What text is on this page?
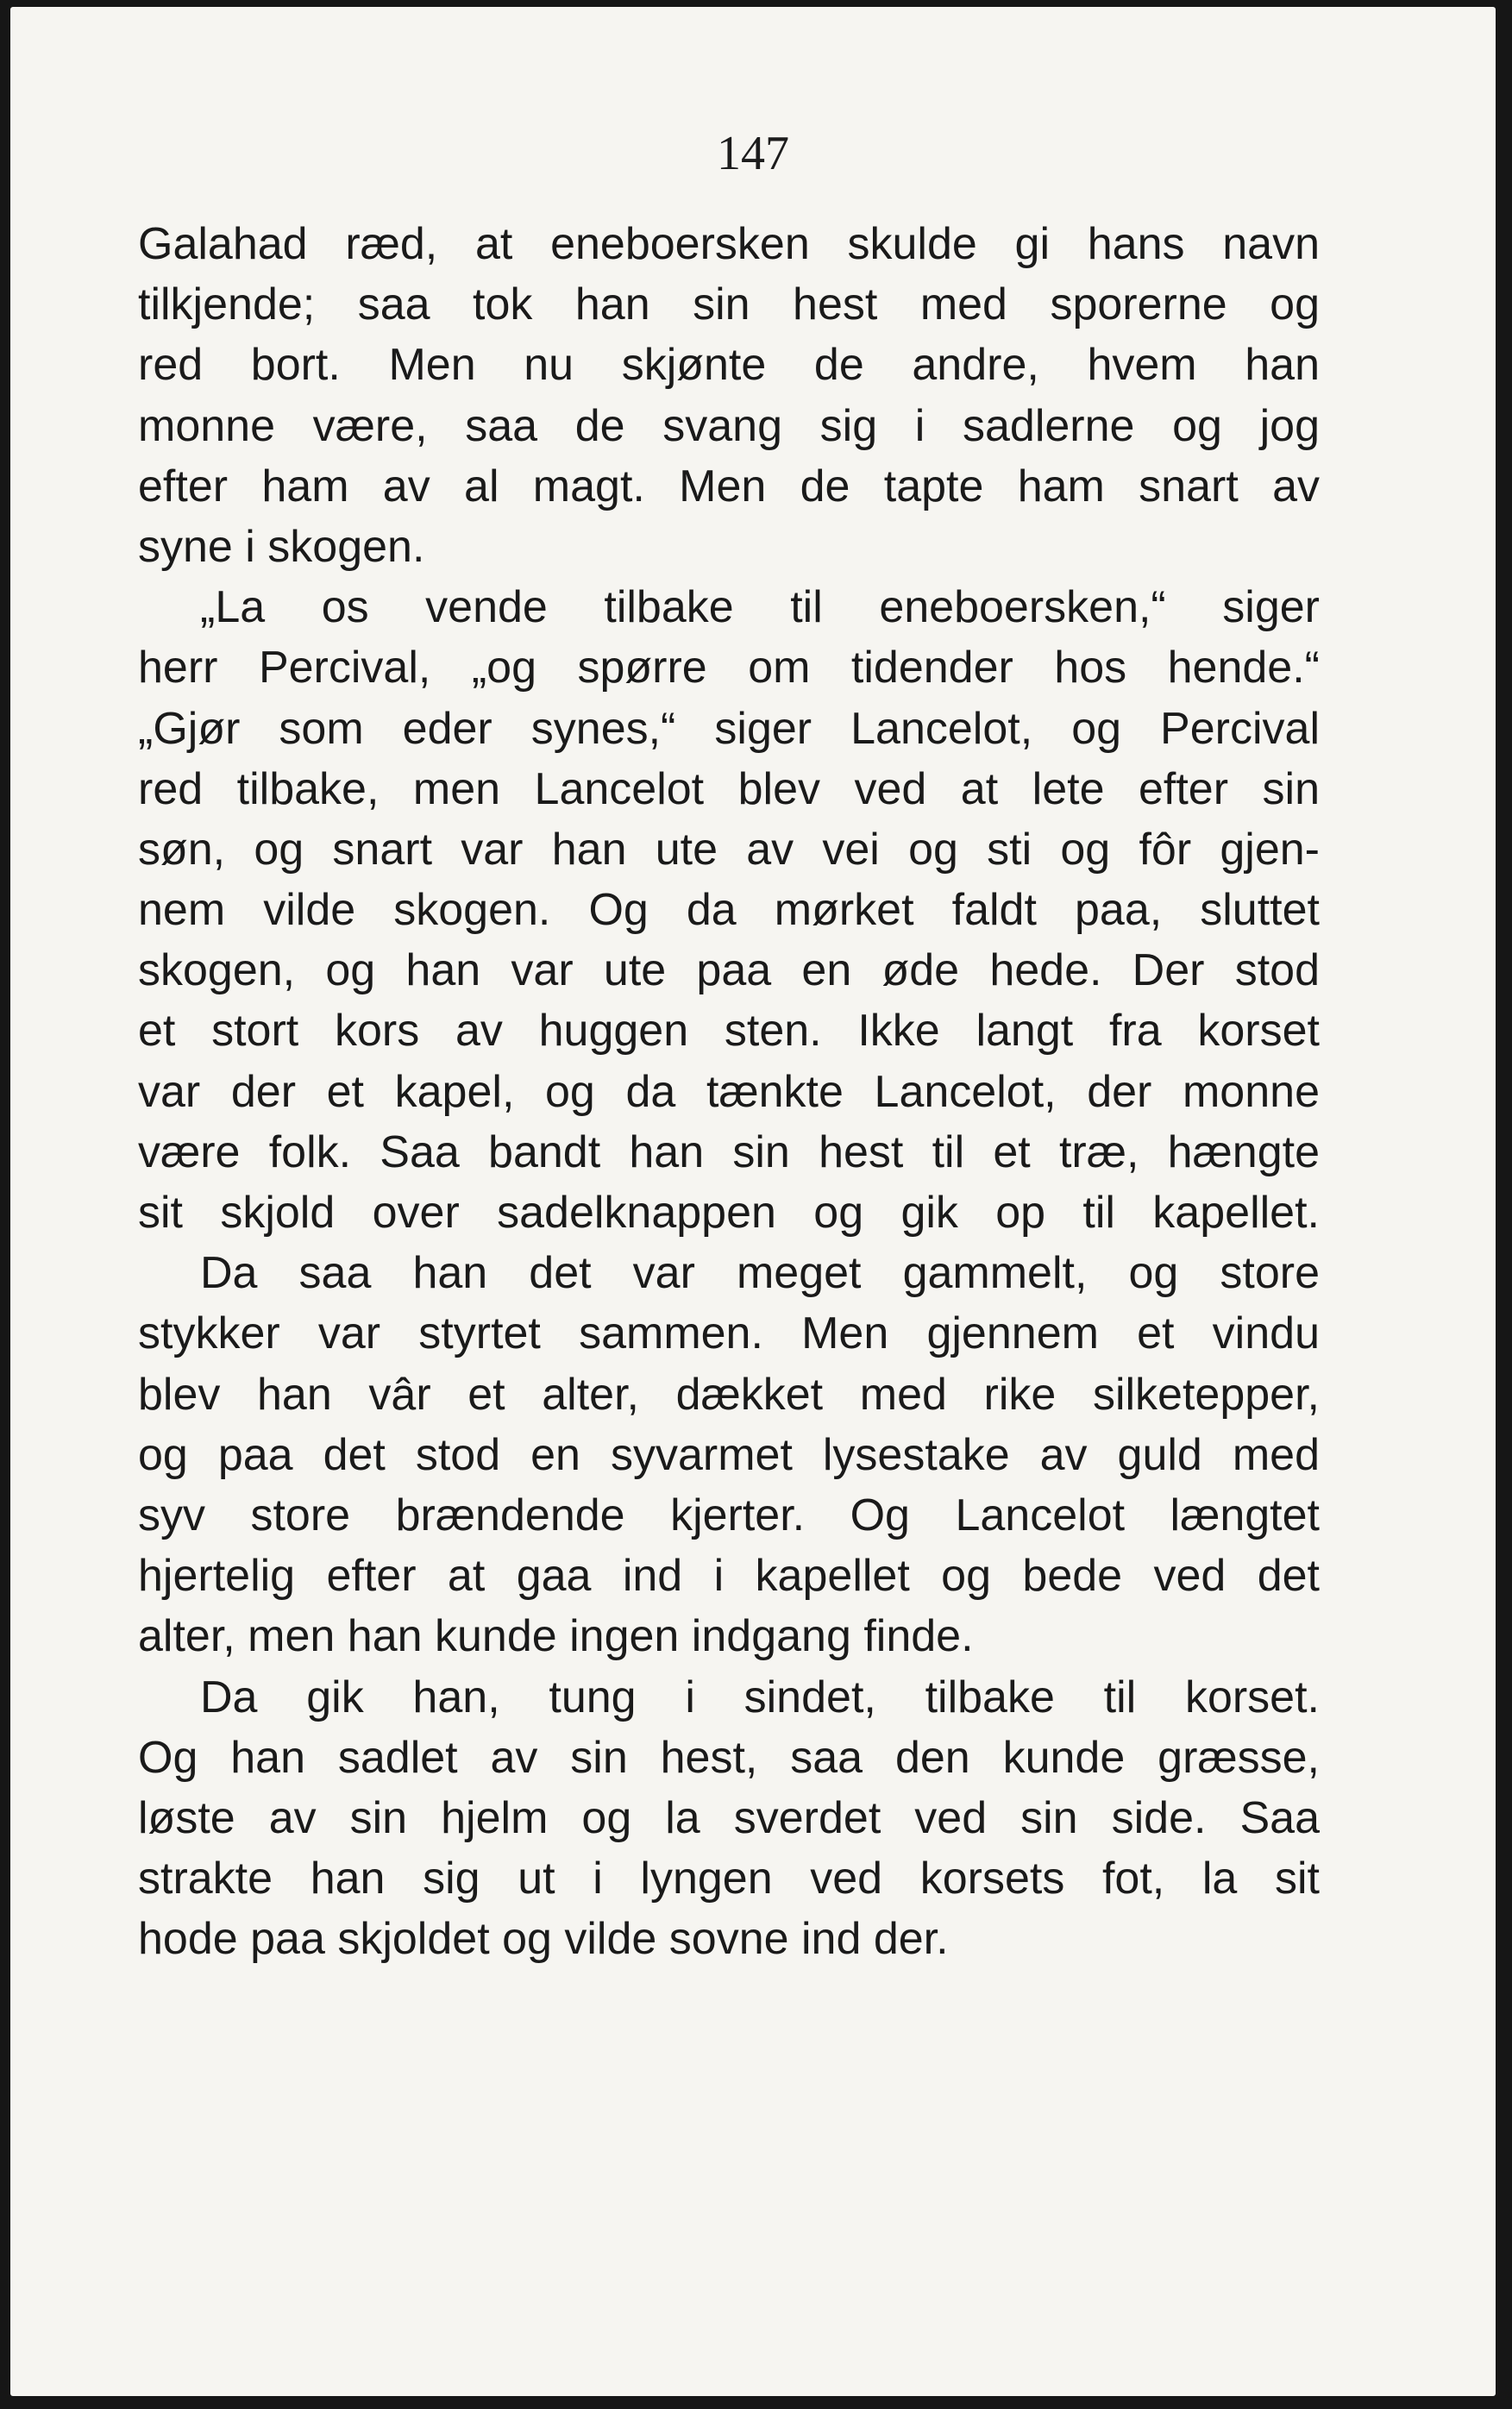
147
Galahad ræd, at eneboersken skulde gi hans navn
tilkjende; saa tok han sin hest med sporerne og
red bort. Men nu skjønte de andre, hvem han
monne være, saa de svang sig i sadlerne og jog
efter ham av al magt. Men de tapte ham snart av
syne i skogen.
„La os vende tilbake til eneboersken,“ siger
herr Percival, „og spørre om tidender hos hende.“
„Gjør som eder synes,“ siger Lancelot, og Percival
red tilbake, men Lancelot blev ved at lete efter sin
søn, og snart var han ute av vei og sti og fôr gjen-
nem vilde skogen. Og da mørket faldt paa, sluttet
skogen, og han var ute paa en øde hede. Der stod
et stort kors av huggen sten. Ikke langt fra korset
var der et kapel, og da tænkte Lancelot, der monne
være folk. Saa bandt han sin hest til et træ, hængte
sit skjold over sadelknappen og gik op til kapellet.
Da saa han det var meget gammelt, og store
stykker var styrtet sammen. Men gjennem et vindu
blev han vâr et alter, dækket med rike silketepper,
og paa det stod en syvarmet lysestake av guld med
syv store brændende kjerter. Og Lancelot længtet
hjertelig efter at gaa ind i kapellet og bede ved det
alter, men han kunde ingen indgang finde.
Da gik han, tung i sindet, tilbake til korset.
Og han sadlet av sin hest, saa den kunde græsse,
løste av sin hjelm og la sverdet ved sin side. Saa
strakte han sig ut i lyngen ved korsets fot, la sit
hode paa skjoldet og vilde sovne ind der.
